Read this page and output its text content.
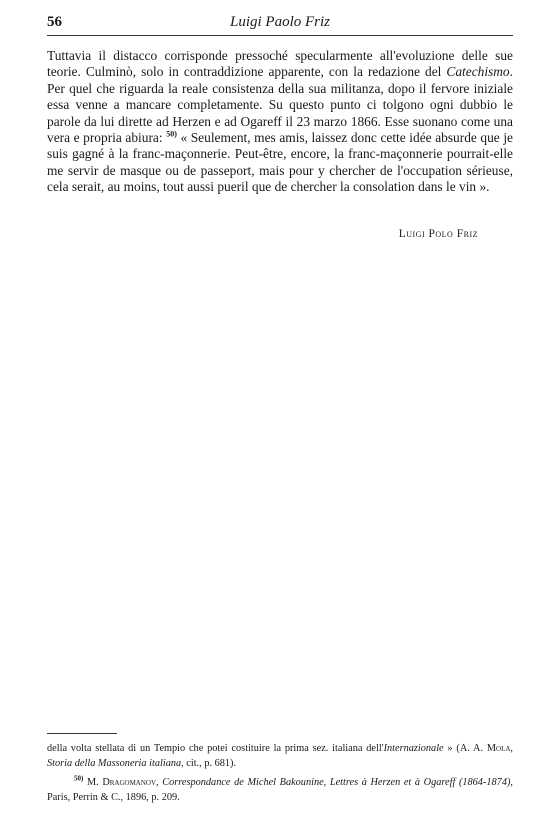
56	Luigi Paolo Friz

Tuttavia il distacco corrisponde pressoché specularmente all'evoluzione delle sue teorie. Culminò, solo in contraddizione apparente, con la redazione del Catechismo. Per quel che riguarda la reale consistenza della sua militanza, dopo il fervore iniziale essa venne a mancare completamente. Su questo punto ci tolgono ogni dubbio le parole da lui dirette ad Herzen e ad Ogareff il 23 marzo 1866. Esse suonano come una vera e propria abiura: $^{50)}$ « Seulement, mes amis, laissez donc cette idée absurde que je suis gagné à la franc-maçonnerie. Peut-être, encore, la franc-maçonnerie pourrait-elle me servir de masque ou de passeport, mais pour y chercher de l'occupation sérieuse, cela serait, au moins, tout aussi pueril que de chercher la consolation dans le vin ».

Luigi Polo Friz

della volta stellata di un Tempio che potei costituire la prima sez. italiana dell'Internazionale » (A. A. Mola, Storia della Massoneria italiana, cit., p. 681).

$^{50)}$ M. Dragomanov, Correspondance de Michel Bakounine, Lettres à Herzen et à Ogareff (1864-1874), Paris, Perrin & C., 1896, p. 209.
